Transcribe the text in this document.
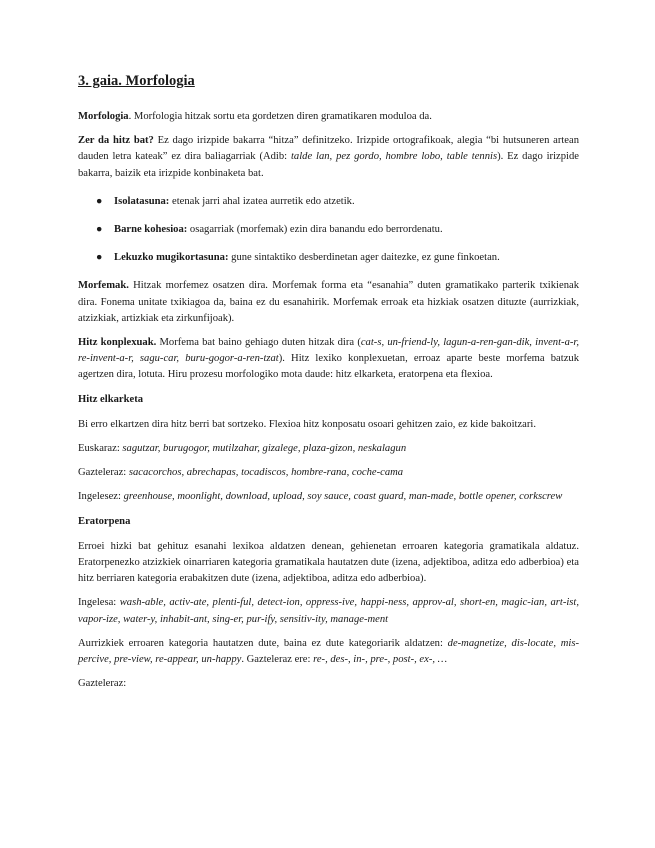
3. gaia. Morfologia

Morfologia. Morfologia hitzak sortu eta gordetzen diren gramatikaren moduloa da.

Zer da hitz bat? Ez dago irizpide bakarra “hitza” definitzeko. Irizpide ortografikoak, alegia “bi hutsuneren artean dauden letra kateak” ez dira baliagarriak (Adib: talde lan, pez gordo, hombre lobo, table tennis). Ez dago irizpide bakarra, baizik eta irizpide konbinaketa bat.

● Isolatasuna: etenak jarri ahal izatea aurretik edo atzetik.
● Barne kohesioa: osagarriak (morfemak) ezin dira banandu edo berrordenatu.
● Lekuzko mugikortasuna: gune sintaktiko desberdinetan ager daitezke, ez gune finkoetan.

Morfemak. Hitzak morfemez osatzen dira. Morfemak forma eta “esanahia” duten gramatikako parterik txikienak dira. Fonema unitate txikiagoa da, baina ez du esanahirik. Morfemak erroak eta hizkiak osatzen dituzte (aurrizkiak, atzizkiak, artizkiak eta zirkunfijoak).

Hitz konplexuak. Morfema bat baino gehiago duten hitzak dira (cat-s, un-friend-ly, lagun-a-ren-gan-dik, invent-a-r, re-invent-a-r, sagu-car, buru-gogor-a-ren-tzat). Hitz lexiko konplexuetan, erroaz aparte beste morfema batzuk agertzen dira, lotuta. Hiru prozesu morfologiko mota daude: hitz elkarketa, eratorpena eta flexioa.

Hitz elkarketa

Bi erro elkartzen dira hitz berri bat sortzeko. Flexioa hitz konposatu osoari gehitzen zaio, ez kide bakoitzari.

Euskaraz: sagutzar, burugogor, mutilzahar, gizalege, plaza-gizon, neskalagun

Gazteleraz: sacacorchos, abrechapas, tocadiscos, hombre-rana, coche-cama

Ingelesez: greenhouse, moonlight, download, upload, soy sauce, coast guard, man-made, bottle opener, corkscrew

Eratorpena

Erroei hizki bat gehituz esanahi lexikoa aldatzen denean, gehienetan erroaren kategoria gramatikala aldatuz. Eratorpenezko atzizkiek oinarriaren kategoria gramatikala hautatzen dute (izena, adjektiboa, aditza edo adberbioa) eta hitz berriaren kategoria erabakitzen dute (izena, adjektiboa, aditza edo adberbioa).

Ingelesa: wash-able, activ-ate, plenti-ful, detect-ion, oppress-ive, happi-ness, approv-al, short-en, magic-ian, art-ist, vapor-ize, water-y, inhabit-ant, sing-er, pur-ify, sensitiv-ity, manage-ment

Aurrizkiek erroaren kategoria hautatzen dute, baina ez dute kategoriarik aldatzen: de-magnetize, dis-locate, mis-percive, pre-view, re-appear, un-happy. Gazteleraz ere: re-, des-, in-, pre-, post-, ex-, …

Gazteleraz:
